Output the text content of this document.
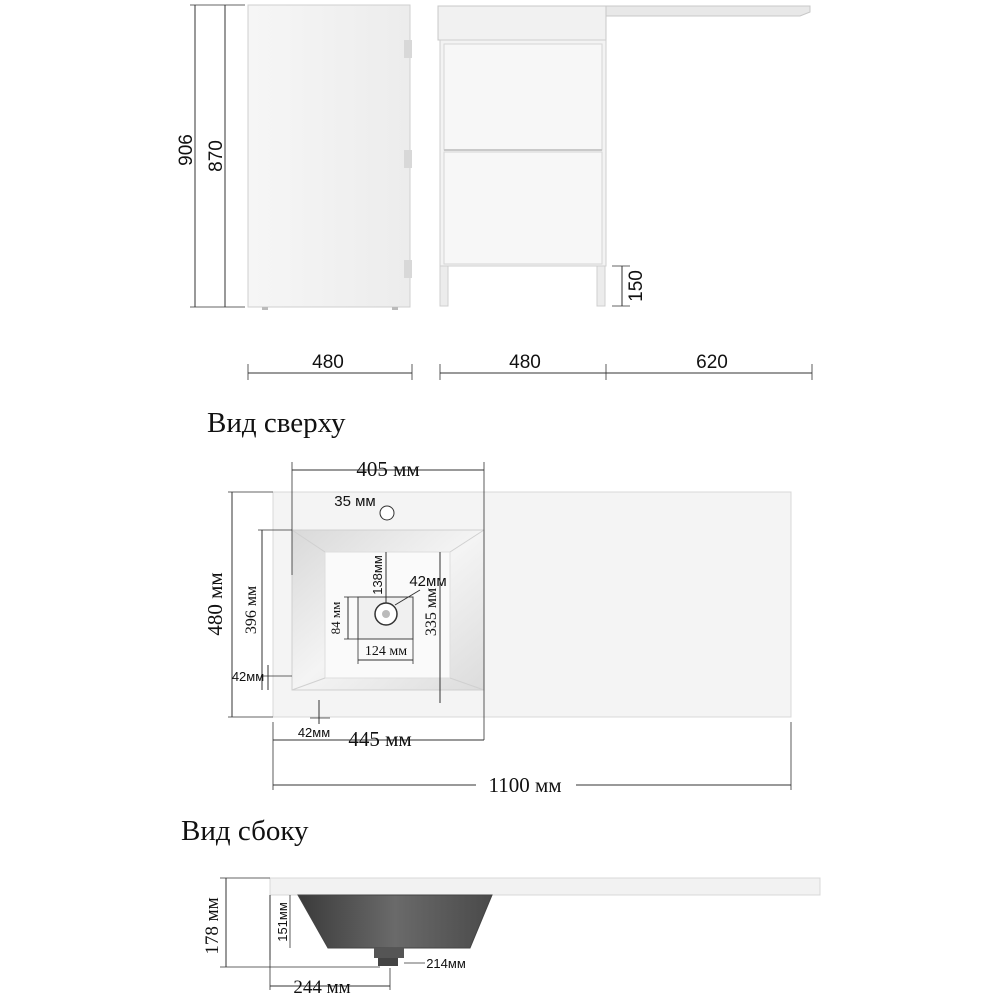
906 870
480
150
480	620
Вид сверху
405 мм
35 мм
480 мм 396 мм
138мм 42мм
335 мм
84 мм
124 мм
42мм
42мм 445 мм
1100 мм
Вид сбоку
178 мм	151мм
214мм
244 мм
